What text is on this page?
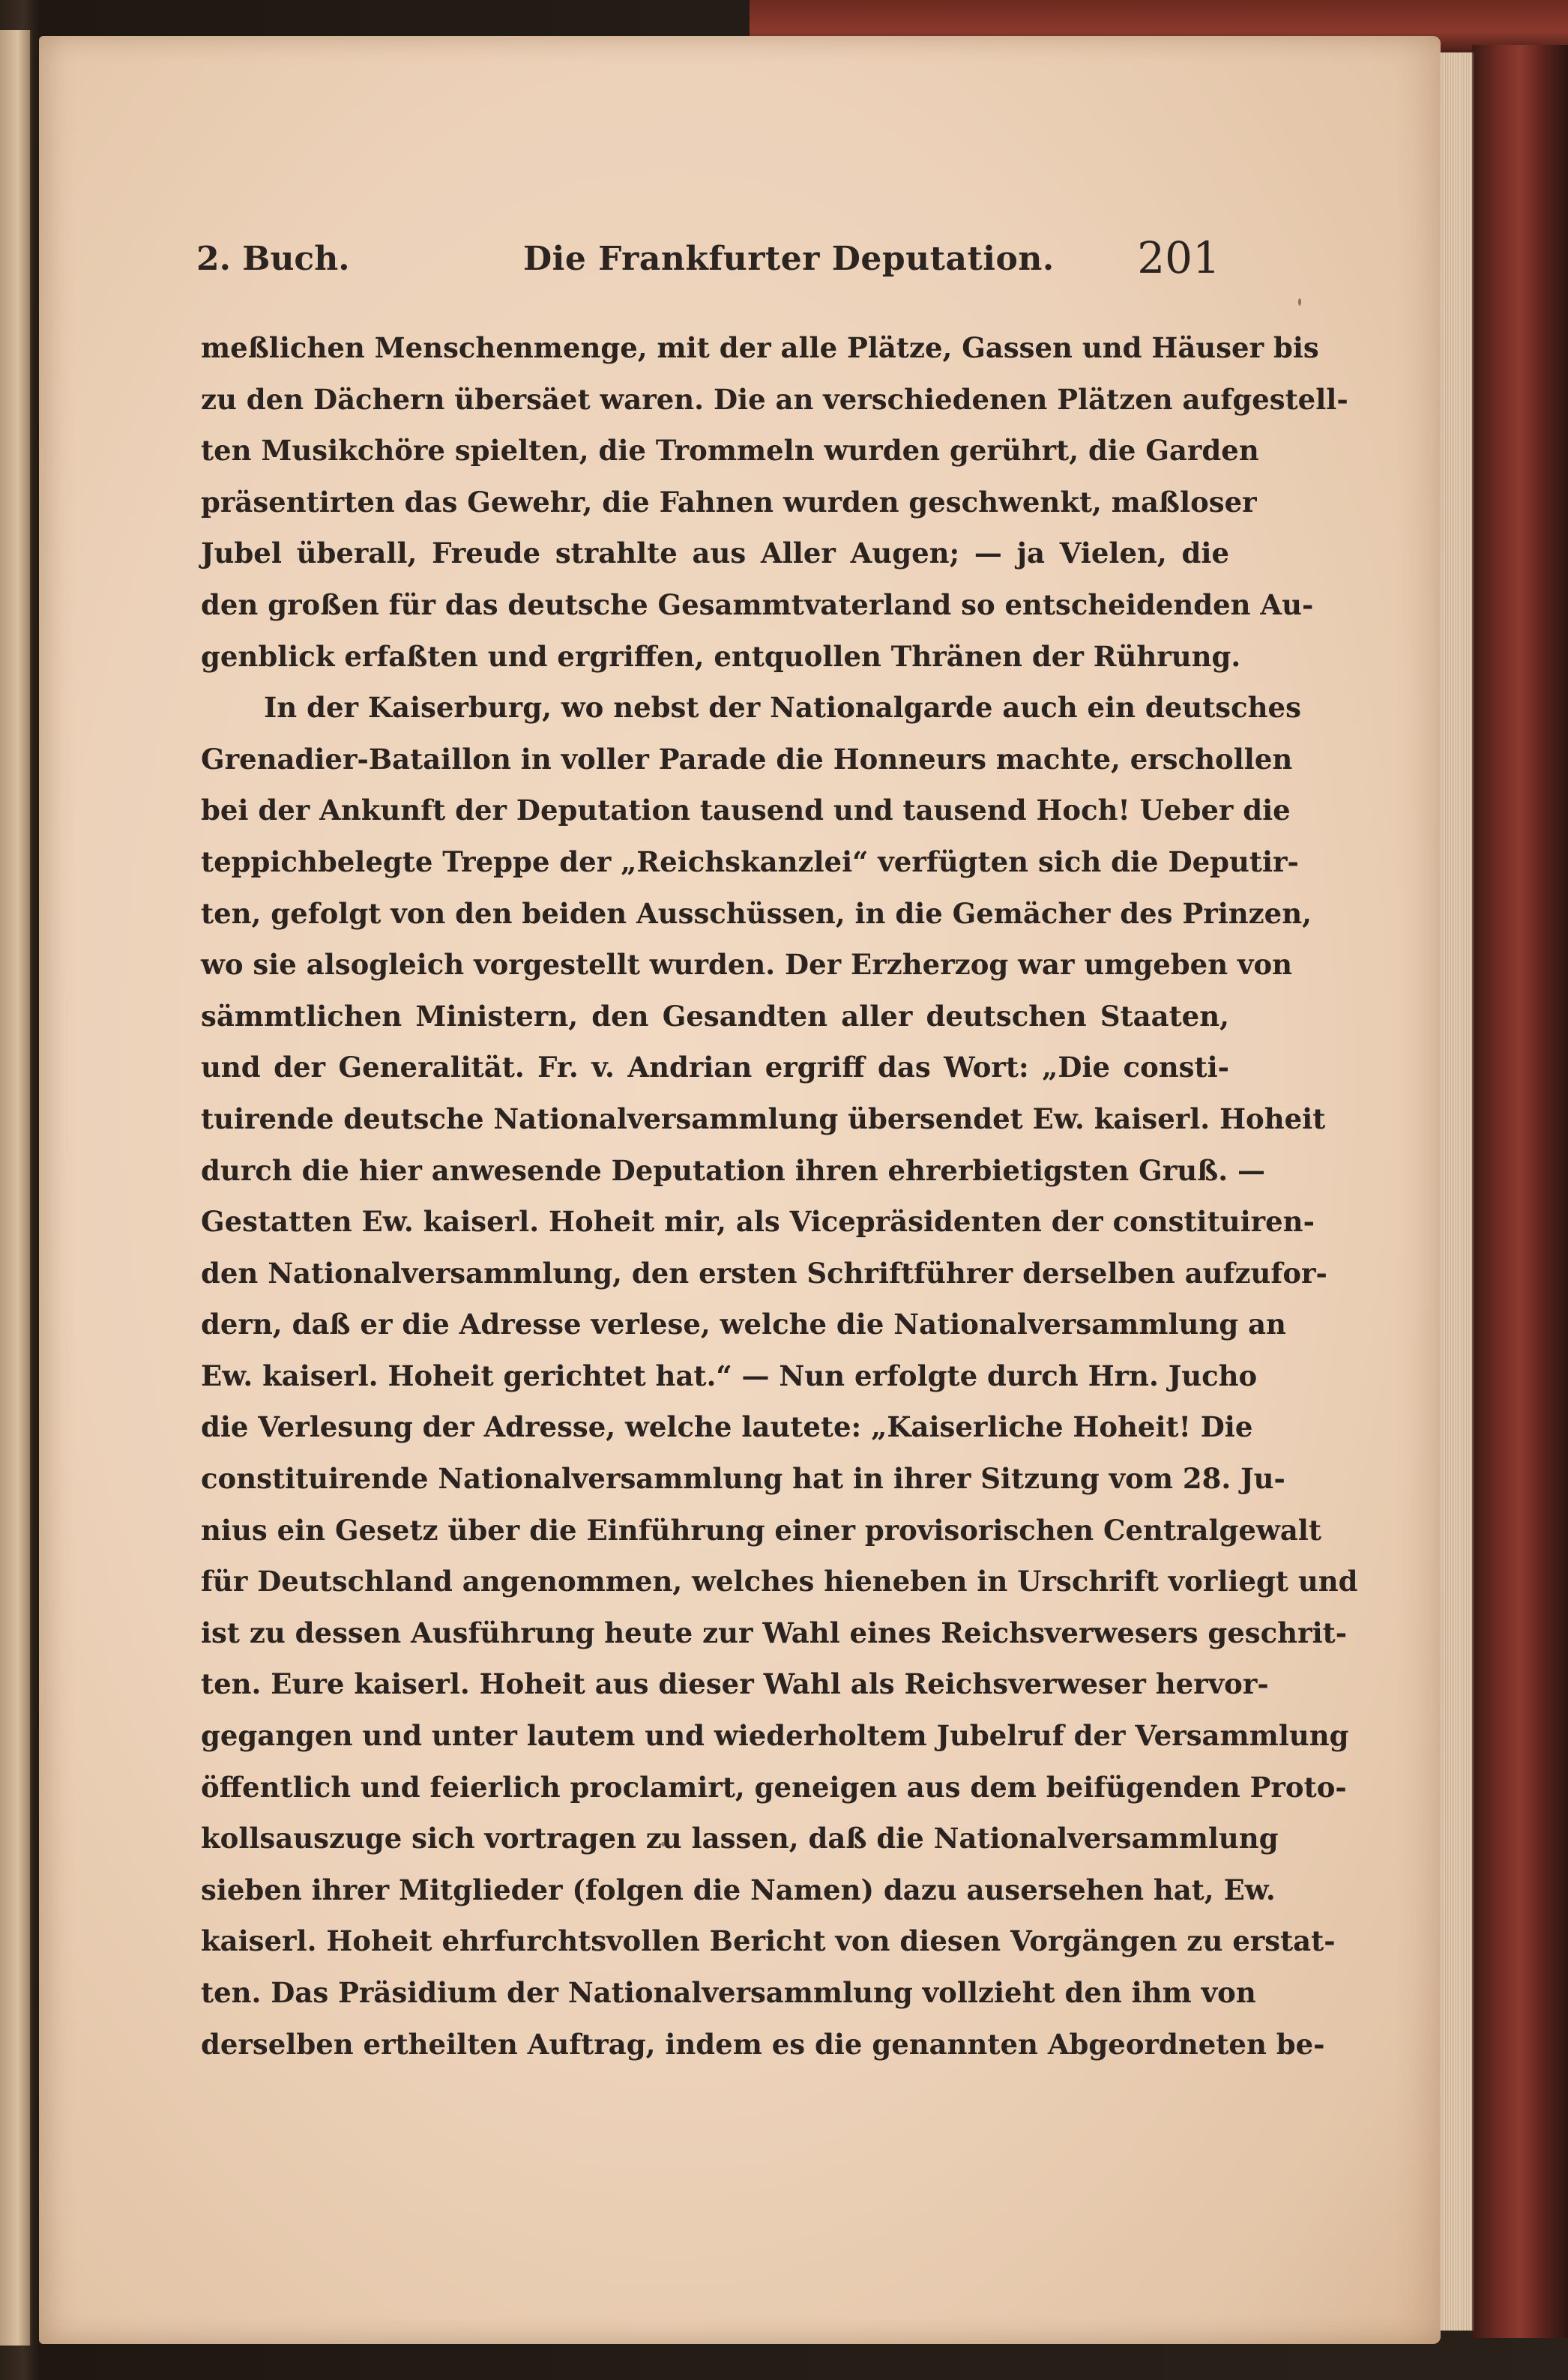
2. Buch.	Die Frankfurter Deputation. 201
meßlichen Menschenmenge, mit der alle Plätze, Gassen und Häuser bis
zu den Dächern übersäet waren. Die an verschiedenen Plätzen aufgestell-
ten Musikchöre spielten, die Trommeln wurden gerührt, die Garden
präsentirten das Gewehr, die Fahnen wurden geschwenkt, maßloser
Jubel überall, Freude strahlte aus Aller Augen; — ja Vielen, die
den großen für das deutsche Gesammtvaterland so entscheidenden Au-
genblick erfaßten und ergriffen, entquollen Thränen der Rührung.
In der Kaiserburg, wo nebst der Nationalgarde auch ein deutsches
Grenadier-Bataillon in voller Parade die Honneurs machte, erschollen
bei der Ankunft der Deputation tausend und tausend Hoch! Ueber die
teppichbelegte Treppe der „Reichskanzlei“ verfügten sich die Deputir-
ten, gefolgt von den beiden Ausschüssen, in die Gemächer des Prinzen,
wo sie alsogleich vorgestellt wurden. Der Erzherzog war umgeben von
sämmtlichen Ministern, den Gesandten aller deutschen Staaten,
und der Generalität. Fr. v. Andrian ergriff das Wort: „Die consti-
tuirende deutsche Nationalversammlung übersendet Ew. kaiserl. Hoheit
durch die hier anwesende Deputation ihren ehrerbietigsten Gruß. —
Gestatten Ew. kaiserl. Hoheit mir, als Vicepräsidenten der constituiren-
den Nationalversammlung, den ersten Schriftführer derselben aufzufor-
dern, daß er die Adresse verlese, welche die Nationalversammlung an
Ew. kaiserl. Hoheit gerichtet hat.“ — Nun erfolgte durch Hrn. Jucho
die Verlesung der Adresse, welche lautete: „Kaiserliche Hoheit! Die
constituirende Nationalversammlung hat in ihrer Sitzung vom 28. Ju-
nius ein Gesetz über die Einführung einer provisorischen Centralgewalt
für Deutschland angenommen, welches hieneben in Urschrift vorliegt und
ist zu dessen Ausführung heute zur Wahl eines Reichsverwesers geschrit-
ten. Eure kaiserl. Hoheit aus dieser Wahl als Reichsverweser hervor-
gegangen und unter lautem und wiederholtem Jubelruf der Versammlung
öffentlich und feierlich proclamirt, geneigen aus dem beifügenden Proto-
kollsauszuge sich vortragen zu lassen, daß die Nationalversammlung
sieben ihrer Mitglieder (folgen die Namen) dazu ausersehen hat, Ew.
kaiserl. Hoheit ehrfurchtsvollen Bericht von diesen Vorgängen zu erstat-
ten. Das Präsidium der Nationalversammlung vollzieht den ihm von
derselben ertheilten Auftrag, indem es die genannten Abgeordneten be-
